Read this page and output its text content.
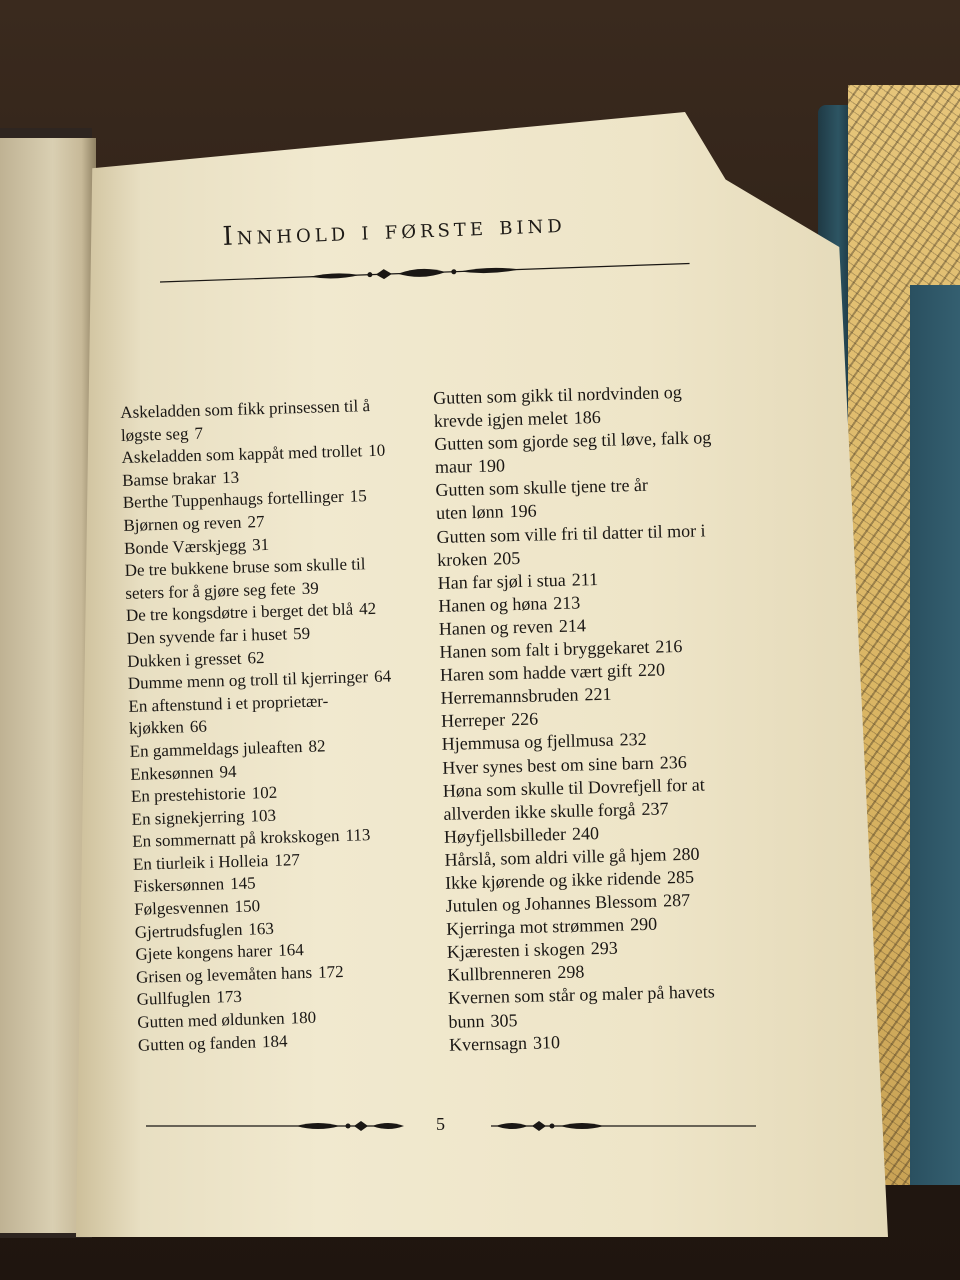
Innhold i første bind
Askeladden som fikk prinsessen til å
løgste seg 7
Askeladden som kappåt med trollet 10
Bamse brakar 13
Berthe Tuppenhaugs fortellinger 15
Bjørnen og reven 27
Bonde Værskjegg 31
De tre bukkene bruse som skulle til
seters for å gjøre seg fete 39
De tre kongsdøtre i berget det blå 42
Den syvende far i huset 59
Dukken i gresset 62
Dumme menn og troll til kjerringer 64
En aftenstund i et proprietær-
kjøkken 66
En gammeldags juleaften 82
Enkesønnen 94
En prestehistorie 102
En signekjerring 103
En sommernatt på krokskogen 113
En tiurleik i Holleia 127
Fiskersønnen 145
Følgesvennen 150
Gjertrudsfuglen 163
Gjete kongens harer 164
Grisen og levemåten hans 172
Gullfuglen 173
Gutten med øldunken 180
Gutten og fanden 184
Gutten som gikk til nordvinden og
krevde igjen melet 186
Gutten som gjorde seg til løve, falk og
maur 190
Gutten som skulle tjene tre år
uten lønn 196
Gutten som ville fri til datter til mor i
kroken 205
Han far sjøl i stua 211
Hanen og høna 213
Hanen og reven 214
Hanen som falt i bryggekaret 216
Haren som hadde vært gift 220
Herremannsbruden 221
Herreper 226
Hjemmusa og fjellmusa 232
Hver synes best om sine barn 236
Høna som skulle til Dovrefjell for at
allverden ikke skulle forgå 237
Høyfjellsbilleder 240
Hårslå, som aldri ville gå hjem 280
Ikke kjørende og ikke ridende 285
Jutulen og Johannes Blessom 287
Kjerringa mot strømmen 290
Kjæresten i skogen 293
Kullbrenneren 298
Kvernen som står og maler på havets
bunn 305
Kvernsagn 310
5
